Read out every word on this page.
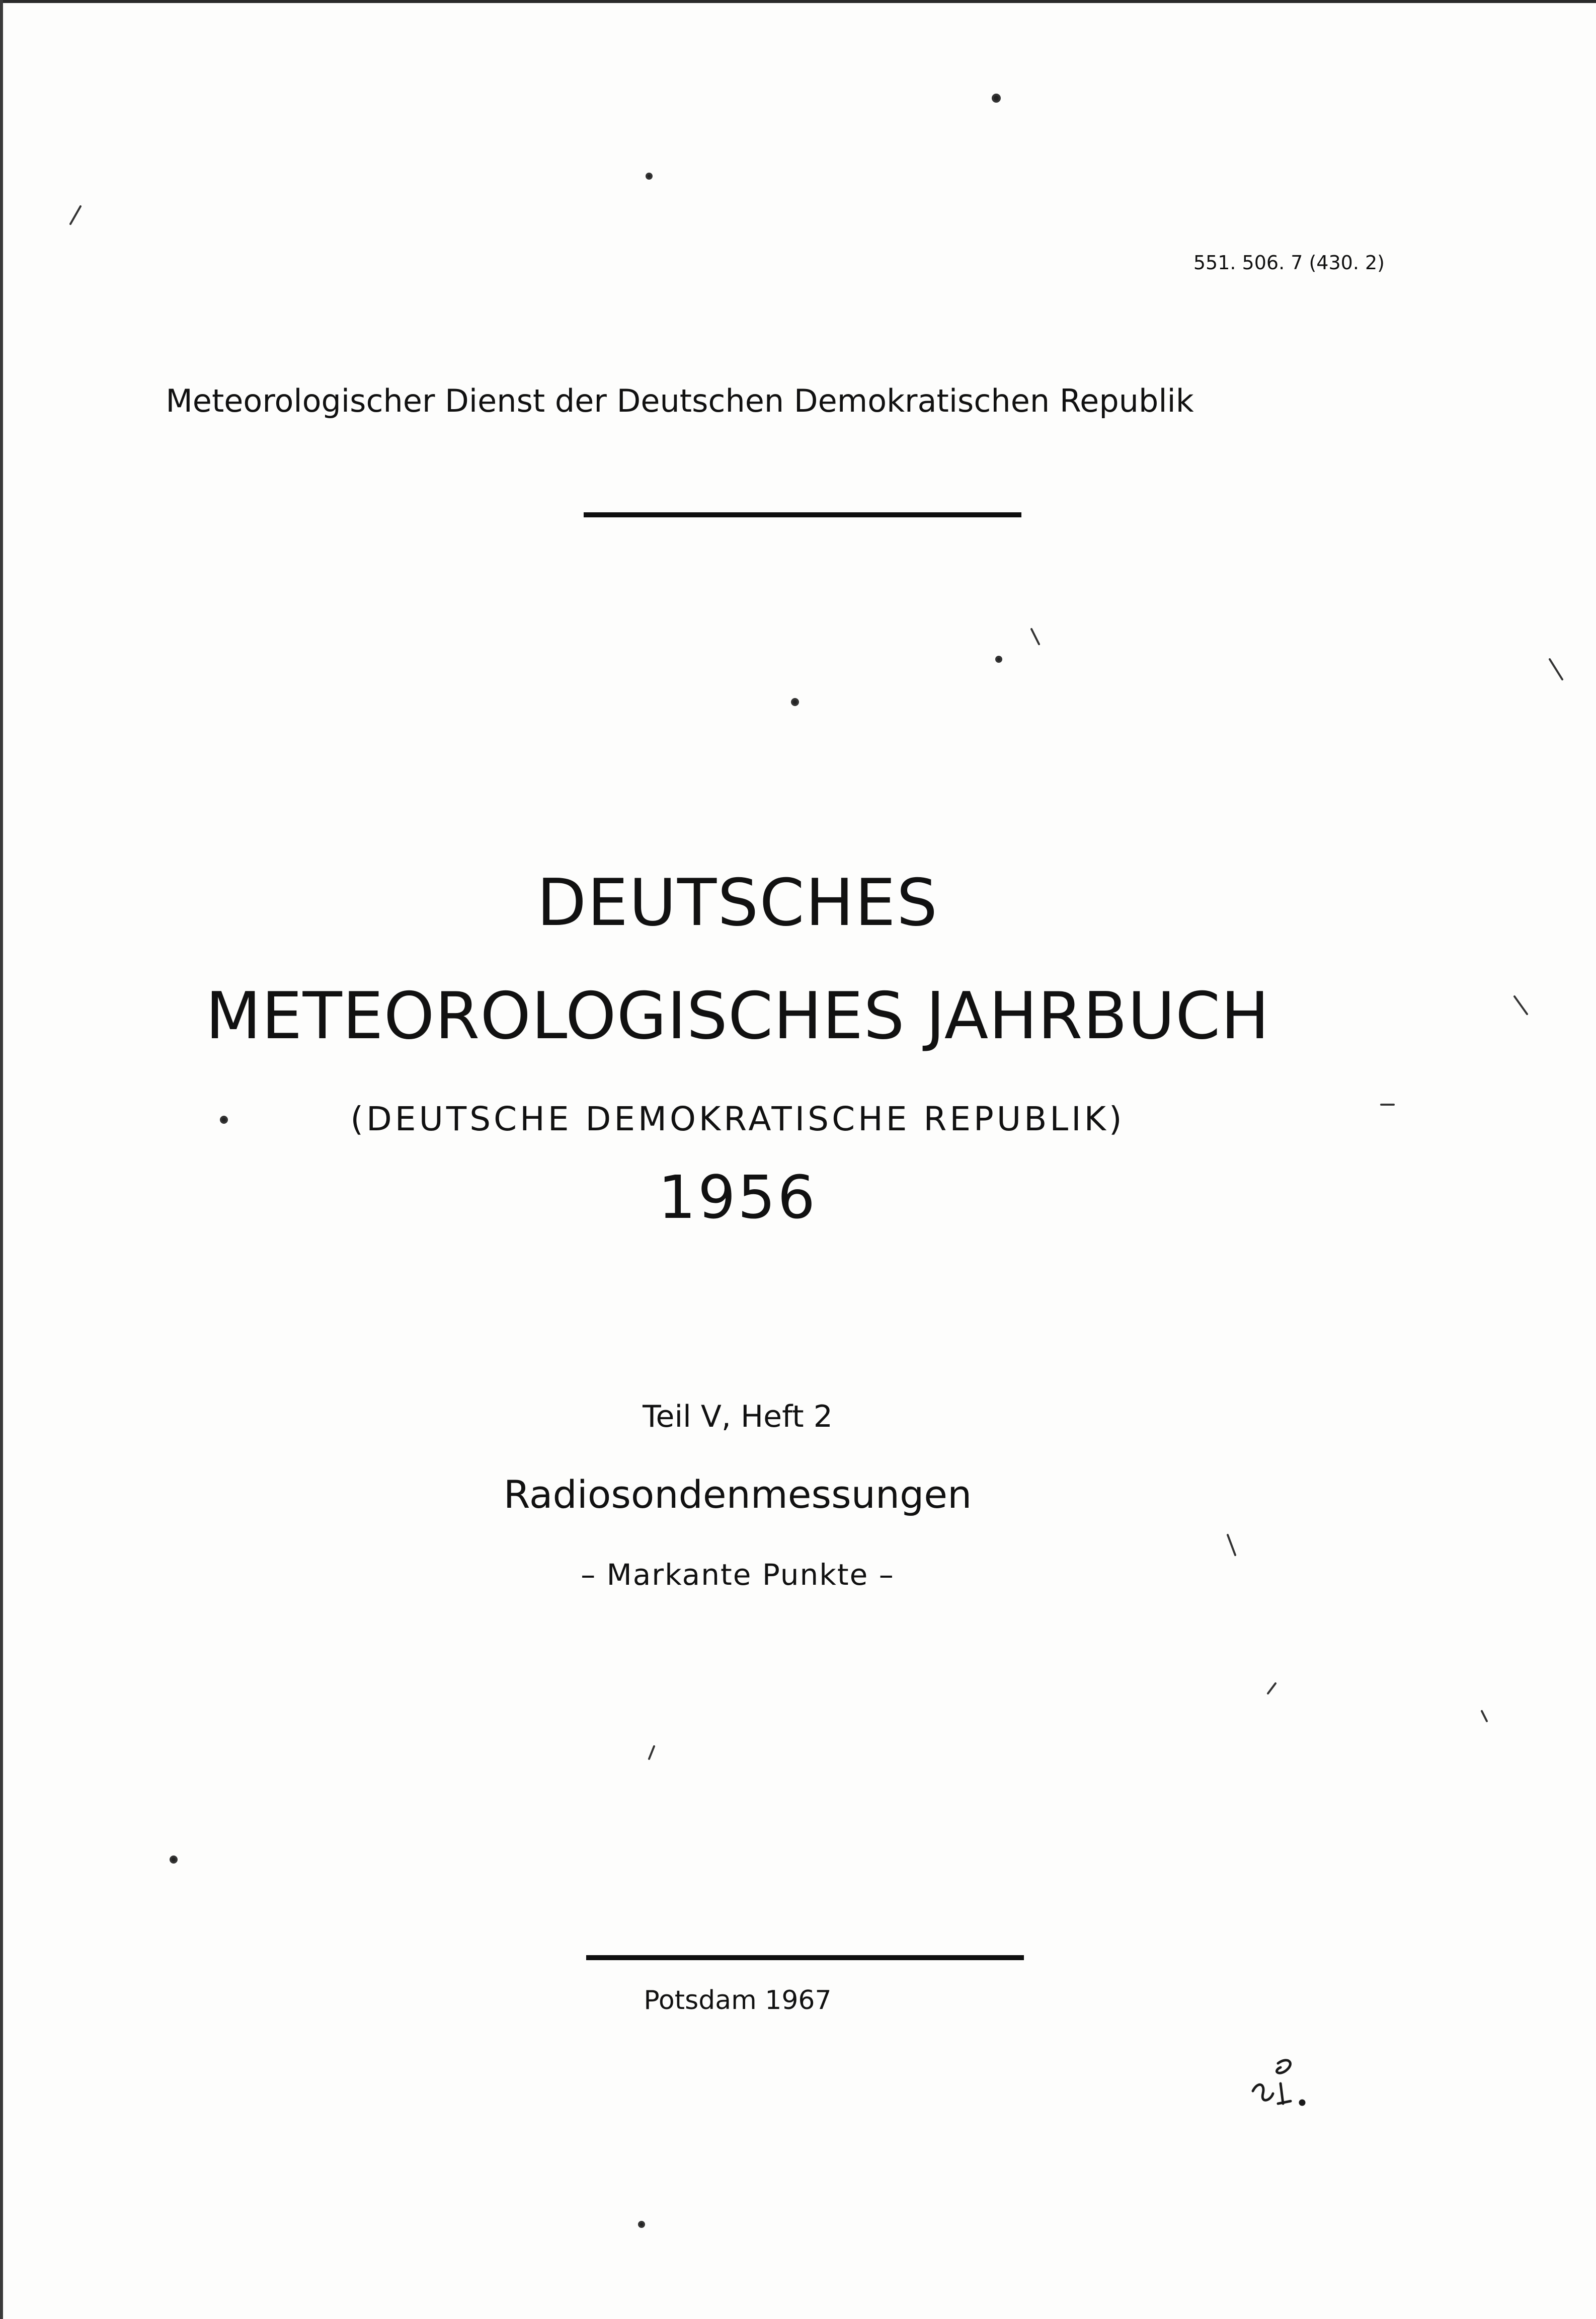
551. 506. 7 (430. 2)
Meteorologischer Dienst der Deutschen Demokratischen Republik
DEUTSCHES
METEOROLOGISCHES JAHRBUCH
(DEUTSCHE DEMOKRATISCHE REPUBLIK)
1956
Teil V, Heft 2
Radiosondenmessungen
– Markante Punkte –
Potsdam 1967
